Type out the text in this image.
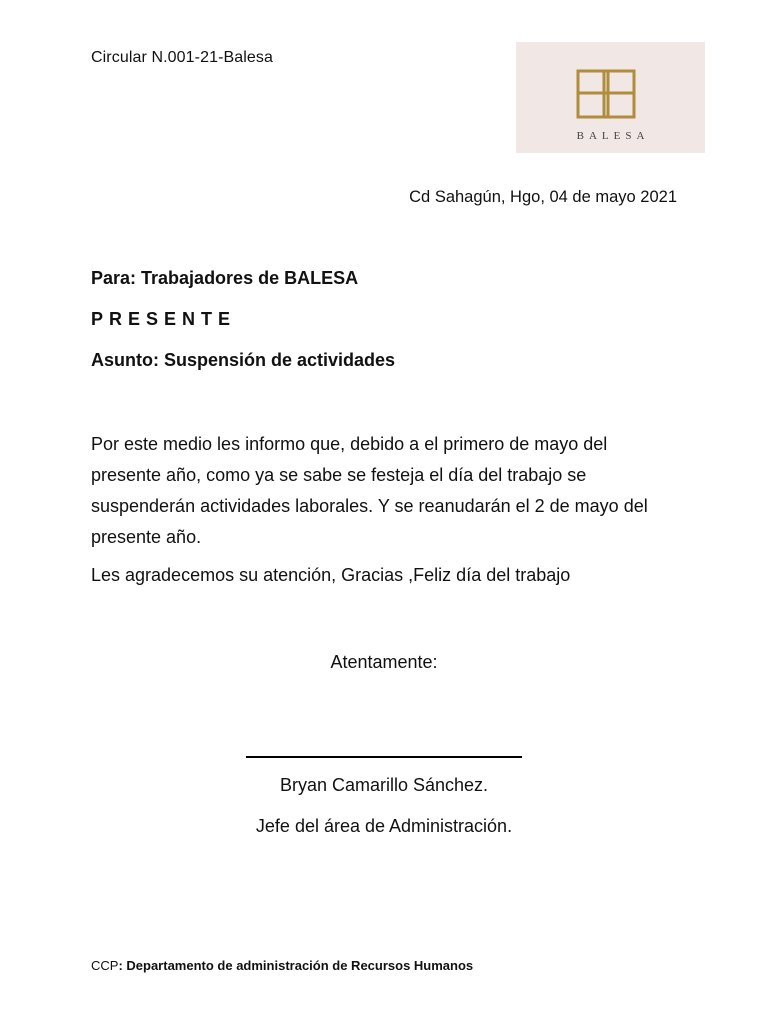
Circular N.001-21-Balesa
BALESA
Cd Sahagún, Hgo, 04 de mayo 2021
Para: Trabajadores de BALESA
PRESENTE
Asunto: Suspensión de actividades

Por este medio les informo que, debido a el primero de mayo del presente año, como ya se sabe se festeja el día del trabajo se suspenderán actividades laborales. Y se reanudarán el 2 de mayo del presente año.

Les agradecemos su atención, Gracias ,Feliz día del trabajo
Atentamente:
Bryan Camarillo Sánchez.
Jefe del área de Administración.
CCP: Departamento de administración de Recursos Humanos
